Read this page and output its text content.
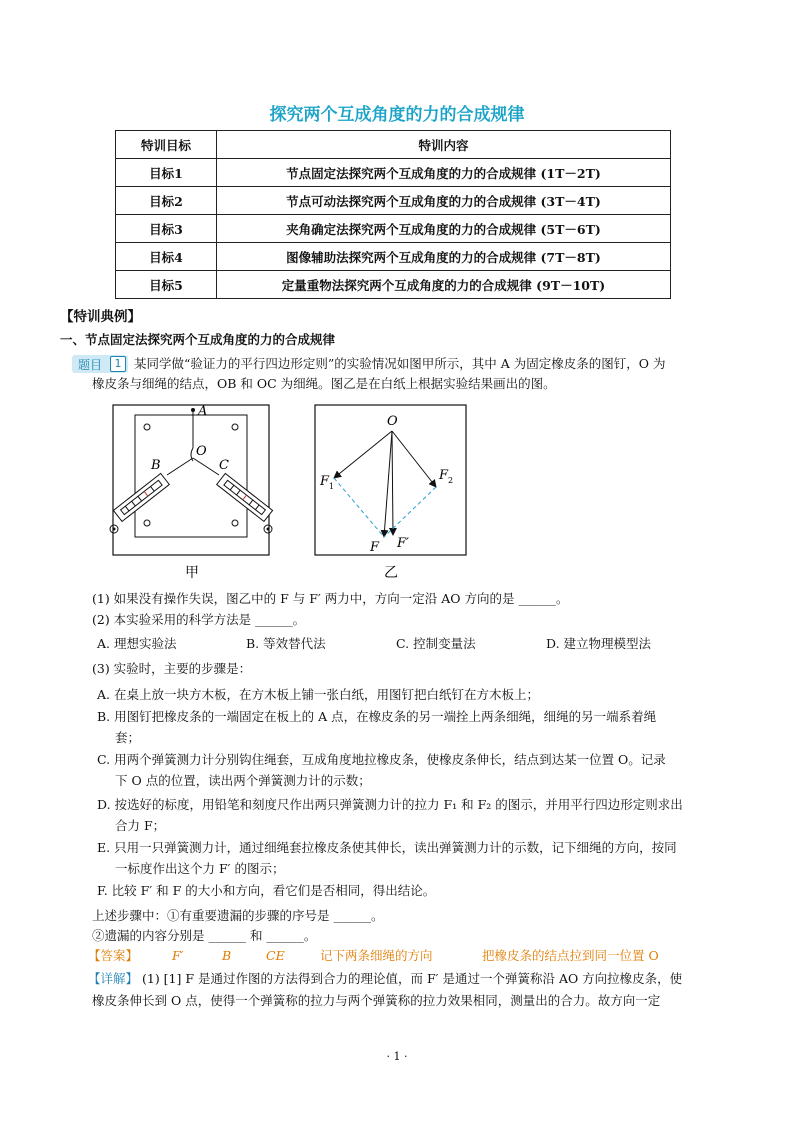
探究两个互成角度的力的合成规律
特训目标	特训内容
目标1	节点固定法探究两个互成角度的力的合成规律 (1T－2T)
目标2	节点可动法探究两个互成角度的力的合成规律 (3T－4T)
目标3	夹角确定法探究两个互成角度的力的合成规律 (5T－6T)
目标4	图像辅助法探究两个互成角度的力的合成规律 (7T－8T)
目标5	定量重物法探究两个互成角度的力的合成规律 (9T－10T)
【特训典例】
一、节点固定法探究两个互成角度的力的合成规律
题目	1	某同学做“验证力的平行四边形定则”的实验情况如图甲所示，其中 A 为固定橡皮条的图钉，O 为
橡皮条与细绳的结点，OB 和 OC 为细绳。图乙是在白纸上根据实验结果画出的图。
A
O
B	C
甲
O
F 1
F 2
F F′
乙
(1) 如果没有操作失误，图乙中的 F 与 F′ 两力中，方向一定沿 AO 方向的是 ______。
(2) 本实验采用的科学方法是 ______。
A. 理想实验法	B. 等效替代法	C. 控制变量法	D. 建立物理模型法
(3) 实验时，主要的步骤是：
A. 在桌上放一块方木板，在方木板上铺一张白纸，用图钉把白纸钉在方木板上；
B. 用图钉把橡皮条的一端固定在板上的 A 点，在橡皮条的另一端拴上两条细绳，细绳的另一端系着绳
套；
C. 用两个弹簧测力计分别钩住绳套，互成角度地拉橡皮条，使橡皮条伸长，结点到达某一位置 O。记录
下 O 点的位置，读出两个弹簧测力计的示数；
D. 按选好的标度，用铅笔和刻度尺作出两只弹簧测力计的拉力 F₁ 和 F₂ 的图示，并用平行四边形定则求出
合力 F；
E. 只用一只弹簧测力计，通过细绳套拉橡皮条使其伸长，读出弹簧测力计的示数，记下细绳的方向，按同
一标度作出这个力 F′ 的图示；
F. 比较 F′ 和 F 的大小和方向，看它们是否相同，得出结论。
上述步骤中：①有重要遗漏的步骤的序号是 ______。
②遗漏的内容分别是 ______ 和 ______。
【答案】	F′	B	CE	记下两条细绳的方向	把橡皮条的结点拉到同一位置 O
【详解】 (1) [1] F 是通过作图的方法得到合力的理论值，而 F′ 是通过一个弹簧称沿 AO 方向拉橡皮条，使
橡皮条伸长到 O 点，使得一个弹簧称的拉力与两个弹簧称的拉力效果相同，测量出的合力。故方向一定
· 1 ·
